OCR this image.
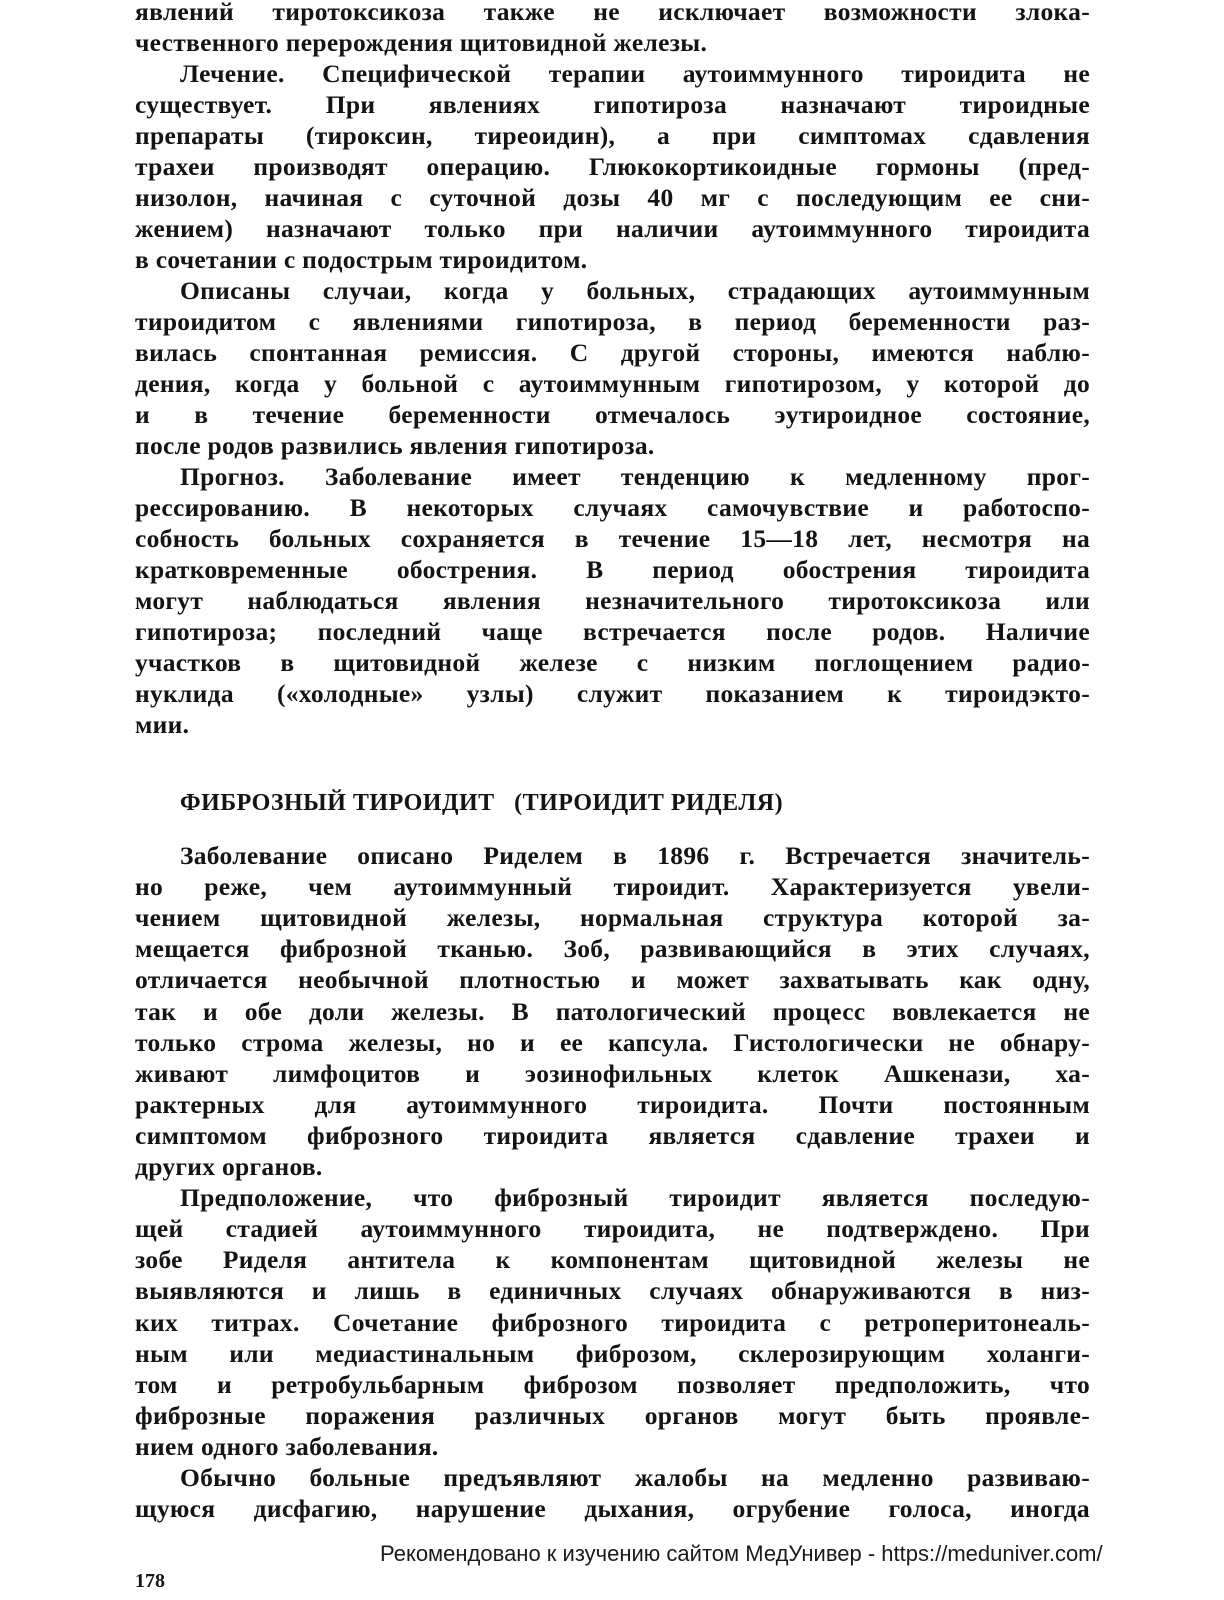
явлений тиротоксикоза также не исключает возможности злока-
чественного перерождения щитовидной железы.
Лечение. Специфической терапии аутоиммунного тироидита не
существует. При явлениях гипотироза назначают тироидные
препараты (тироксин, тиреоидин), а при симптомах сдавления
трахеи производят операцию. Глюкокортикоидные гормоны (пред-
низолон, начиная с суточной дозы 40 мг с последующим ее сни-
жением) назначают только при наличии аутоиммунного тироидита
в сочетании с подострым тироидитом.
Описаны случаи, когда у больных, страдающих аутоиммунным
тироидитом с явлениями гипотироза, в период беременности раз-
вилась спонтанная ремиссия. С другой стороны, имеются наблю-
дения, когда у больной с аутоиммунным гипотирозом, у которой до
и в течение беременности отмечалось эутироидное состояние,
после родов развились явления гипотироза.
Прогноз. Заболевание имеет тенденцию к медленному прог-
рессированию. В некоторых случаях самочувствие и работоспо-
собность больных сохраняется в течение 15—18 лет, несмотря на
кратковременные обострения. В период обострения тироидита
могут наблюдаться явления незначительного тиротоксикоза или
гипотироза; последний чаще встречается после родов. Наличие
участков в щитовидной железе с низким поглощением радио-
нуклида («холодные» узлы) служит показанием к тироидэкто-
мии.
ФИБРОЗНЫЙ ТИРОИДИТ   (ТИРОИДИТ РИДЕЛЯ)
Заболевание описано Риделем в 1896 г. Встречается значитель-
но реже, чем аутоиммунный тироидит. Характеризуется увели-
чением щитовидной железы, нормальная структура которой за-
мещается фиброзной тканью. Зоб, развивающийся в этих случаях,
отличается необычной плотностью и может захватывать как одну,
так и обе доли железы. В патологический процесс вовлекается не
только строма железы, но и ее капсула. Гистологически не обнару-
живают лимфоцитов и эозинофильных клеток Ашкенази, ха-
рактерных для аутоиммунного тироидита. Почти постоянным
симптомом фиброзного тироидита является сдавление трахеи и
других органов.
Предположение, что фиброзный тироидит является последую-
щей стадией аутоиммунного тироидита, не подтверждено. При
зобе Риделя антитела к компонентам щитовидной железы не
выявляются и лишь в единичных случаях обнаруживаются в низ-
ких титрах. Сочетание фиброзного тироидита с ретроперитонеаль-
ным или медиастинальным фиброзом, склерозирующим холанги-
том и ретробульбарным фиброзом позволяет предположить, что
фиброзные поражения различных органов могут быть проявле-
нием одного заболевания.
Обычно больные предъявляют жалобы на медленно развиваю-
щуюся дисфагию, нарушение дыхания, огрубение голоса, иногда
Рекомендовано к изучению сайтом МедУнивер - https://meduniver.com/
178
